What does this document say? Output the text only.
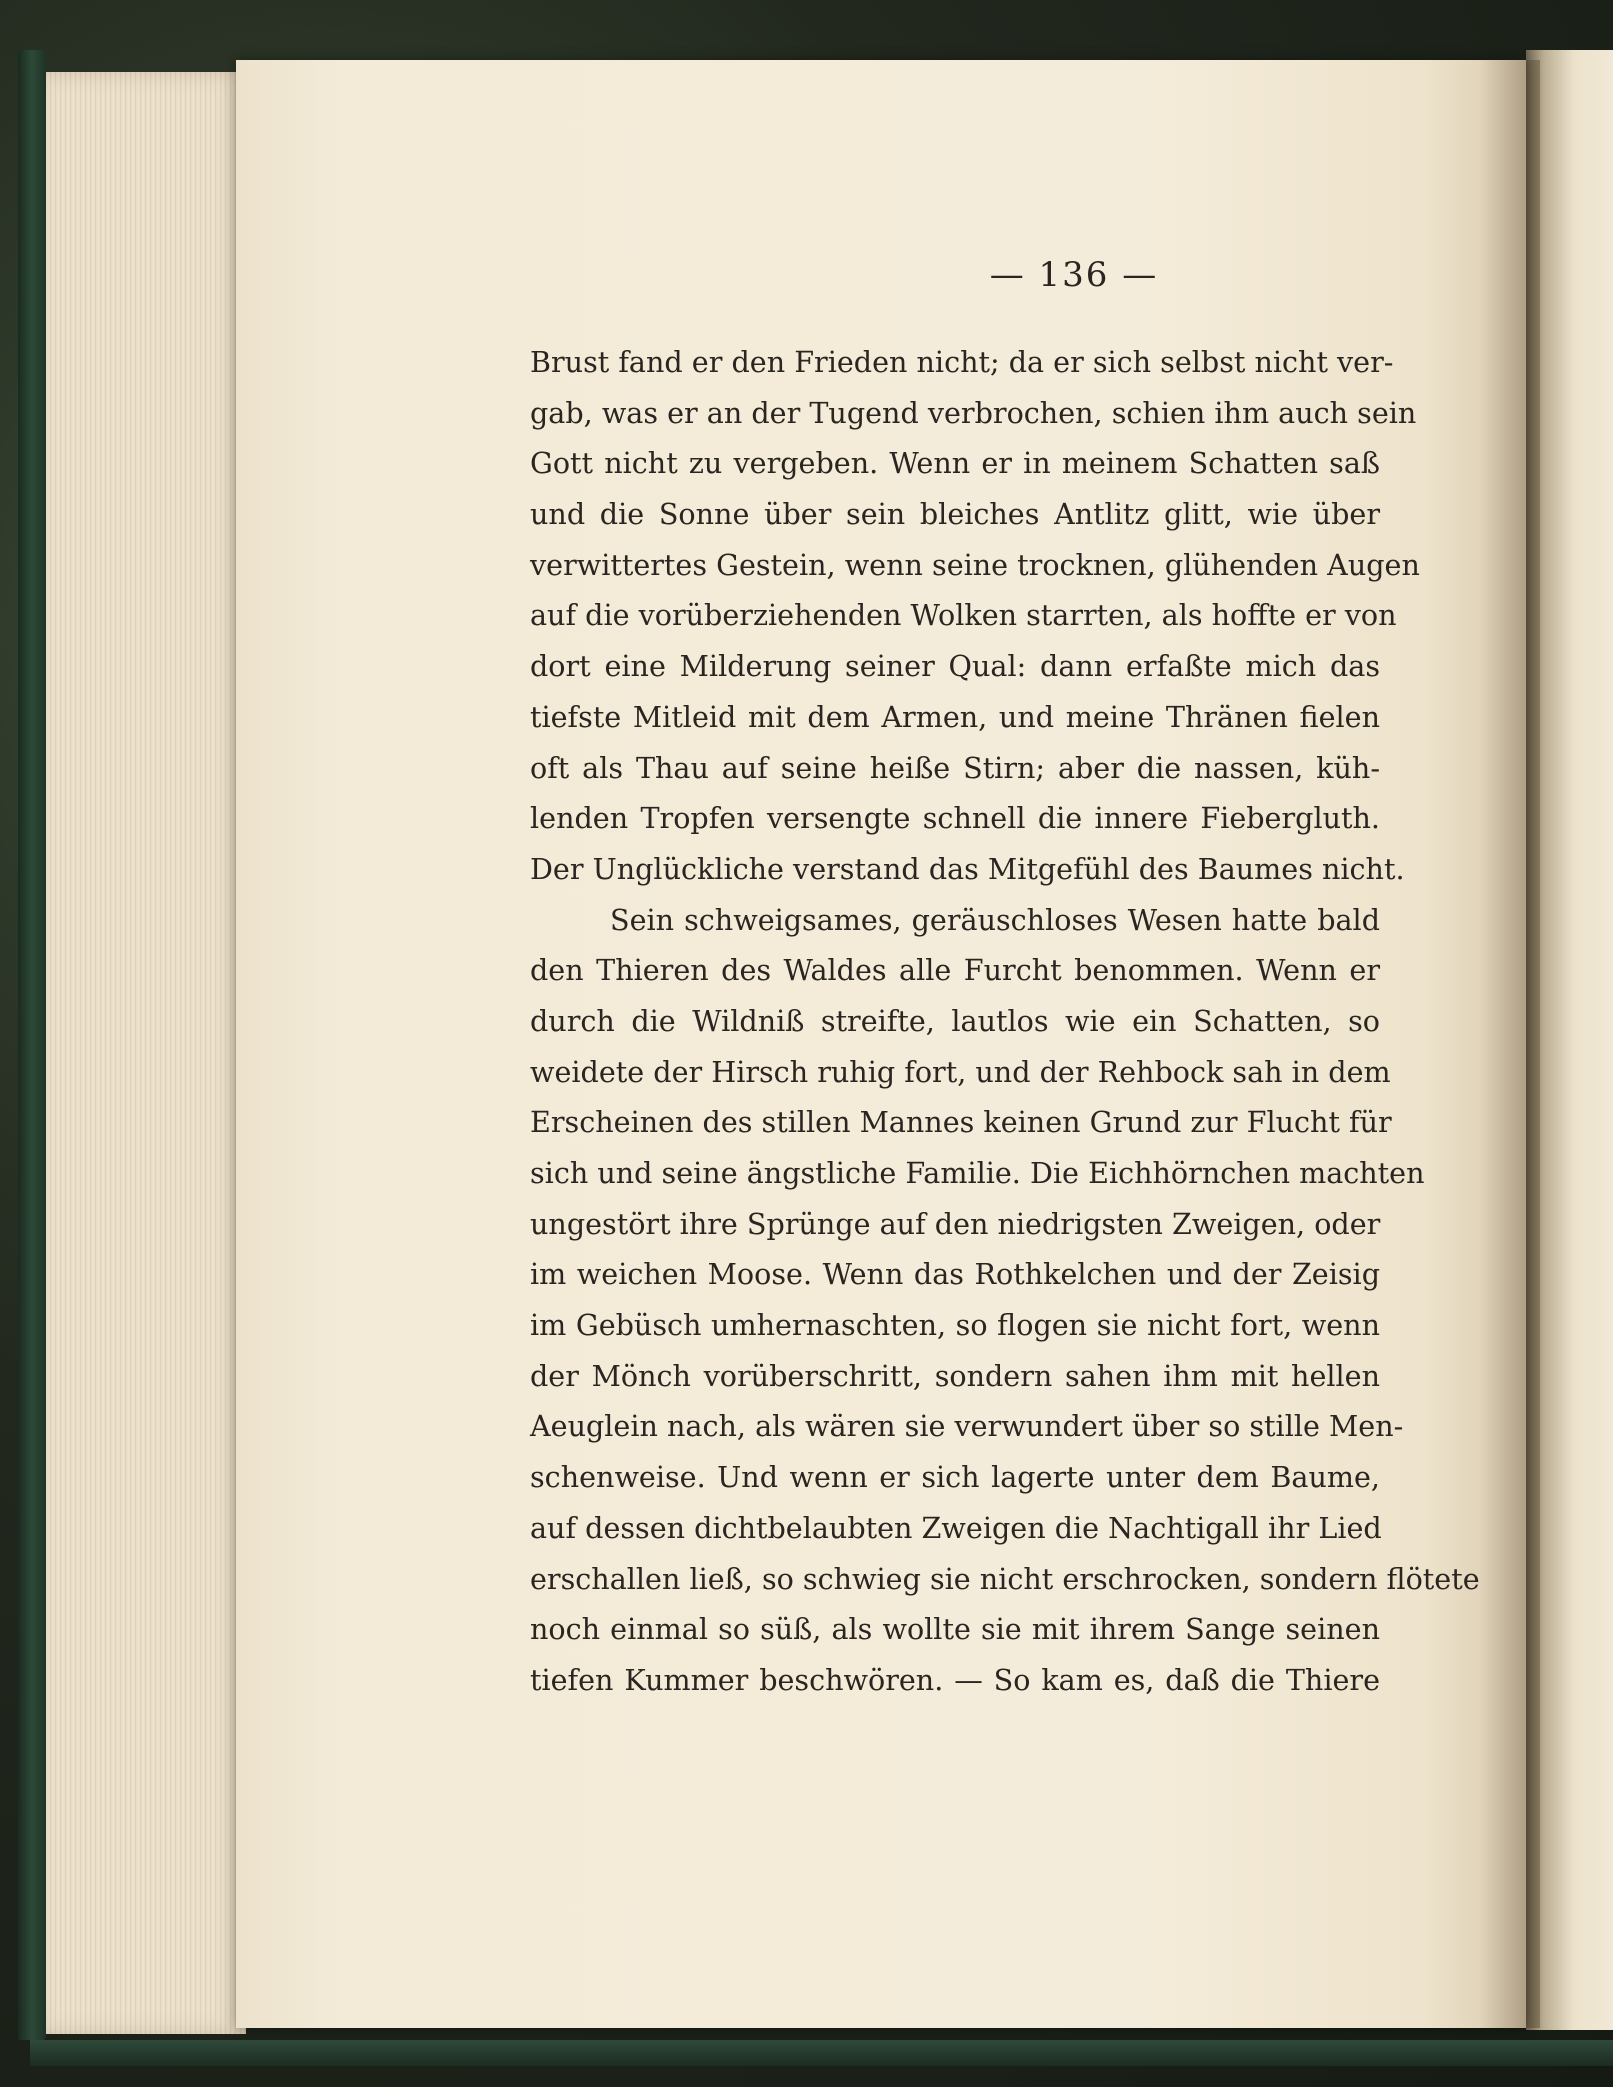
— 136 —
Brust fand er den Frieden nicht; da er sich selbst nicht ver-
gab, was er an der Tugend verbrochen, schien ihm auch sein
Gott nicht zu vergeben. Wenn er in meinem Schatten saß
und die Sonne über sein bleiches Antlitz glitt, wie über
verwittertes Gestein, wenn seine trocknen, glühenden Augen
auf die vorüberziehenden Wolken starrten, als hoffte er von
dort eine Milderung seiner Qual: dann erfaßte mich das
tiefste Mitleid mit dem Armen, und meine Thränen fielen
oft als Thau auf seine heiße Stirn; aber die nassen, küh-
lenden Tropfen versengte schnell die innere Fiebergluth.
Der Unglückliche verstand das Mitgefühl des Baumes nicht.
Sein schweigsames, geräuschloses Wesen hatte bald
den Thieren des Waldes alle Furcht benommen. Wenn er
durch die Wildniß streifte, lautlos wie ein Schatten, so
weidete der Hirsch ruhig fort, und der Rehbock sah in dem
Erscheinen des stillen Mannes keinen Grund zur Flucht für
sich und seine ängstliche Familie. Die Eichhörnchen machten
ungestört ihre Sprünge auf den niedrigsten Zweigen, oder
im weichen Moose. Wenn das Rothkelchen und der Zeisig
im Gebüsch umhernaschten, so flogen sie nicht fort, wenn
der Mönch vorüberschritt, sondern sahen ihm mit hellen
Aeuglein nach, als wären sie verwundert über so stille Men-
schenweise. Und wenn er sich lagerte unter dem Baume,
auf dessen dichtbelaubten Zweigen die Nachtigall ihr Lied
erschallen ließ, so schwieg sie nicht erschrocken, sondern flötete
noch einmal so süß, als wollte sie mit ihrem Sange seinen
tiefen Kummer beschwören. — So kam es, daß die Thiere
